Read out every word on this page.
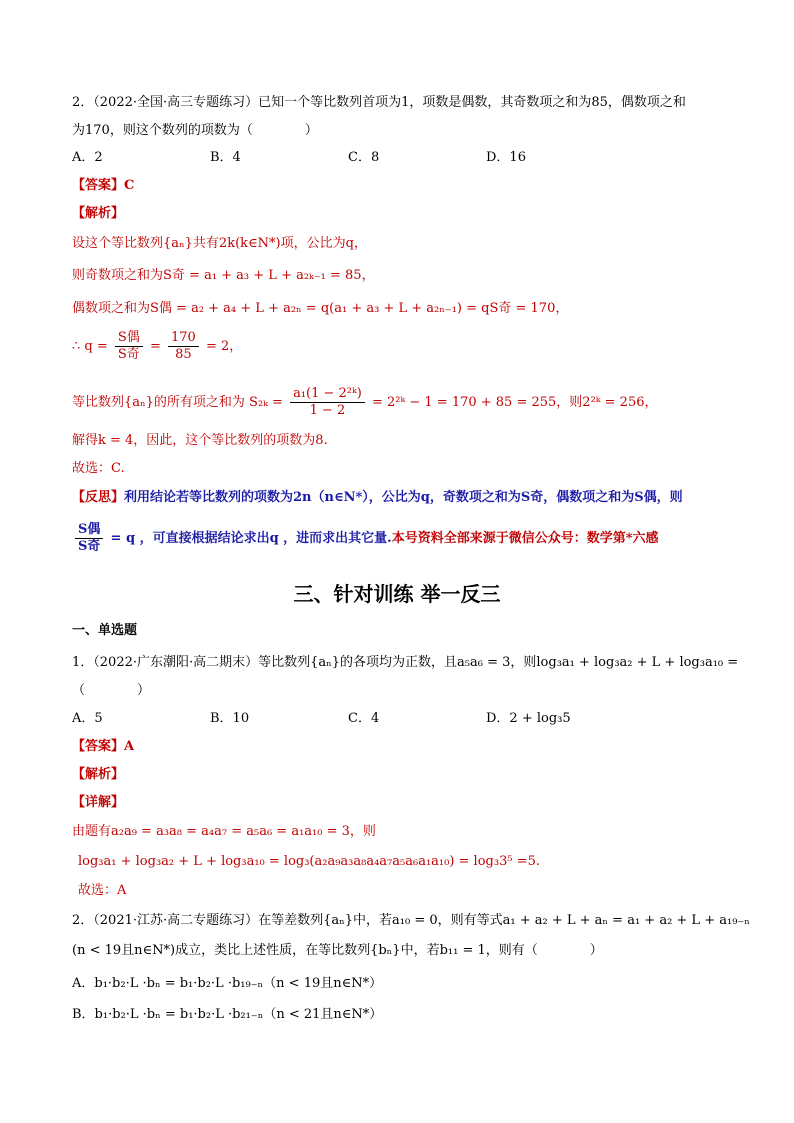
2．（2022·全国·高三专题练习）已知一个等比数列首项为1，项数是偶数，其奇数项之和为85，偶数项之和
为170，则这个数列的项数为（　　　　）
A．2	B．4	C．8	D．16
【答案】C
【解析】
设这个等比数列{aₙ}共有2k(k∈N*)项，公比为q，
则奇数项之和为S奇 = a₁ + a₃ + L + a₂ₖ₋₁ = 85，
偶数项之和为S偶 = a₂ + a₄ + L + a₂ₙ = q(a₁ + a₃ + L + a₂ₙ₋₁) = qS奇 = 170，
∴ $q = \frac{\text{S偶}}{\text{S奇}} = \frac{170}{85} = 2$，
等比数列{aₙ}的所有项之和为 $S_{2k} = \frac{\text{a₁(1 − 2²ᵏ)}}{1 - 2}$ = 2²ᵏ − 1 = 170 + 85 = 255，则2²ᵏ = 256，
解得k = 4，因此，这个等比数列的项数为8.
故选：C.
【反思】利用结论若等比数列的项数为2n（n∈N*），公比为q，奇数项之和为S奇，偶数项之和为S偶，则
$\frac{\text{S偶}}{\text{S奇}} = q$ ，可直接根据结论求出q ，进而求出其它量.本号资料全部来源于微信公众号：数学第*六感
三、针对训练 举一反三
一、单选题
1．（2022·广东潮阳·高二期末）等比数列{aₙ}的各项均为正数，且a₅a₆ = 3，则log₃a₁ + log₃a₂ + L + log₃a₁₀ =
（　　　　）
A．5	B．10	C．4	D．2 + log₃5
【答案】A
【解析】
【详解】
由题有a₂a₉ = a₃a₈ = a₄a₇ = a₅a₆ = a₁a₁₀ = 3，则
log₃a₁ + log₃a₂ + L + log₃a₁₀ = log₃(a₂a₉a₃a₈a₄a₇a₅a₆a₁a₁₀) = log₃3⁵ =5.
故选：A
2．（2021·江苏·高二专题练习）在等差数列{aₙ}中，若a₁₀ = 0，则有等式a₁ + a₂ + L + aₙ = a₁ + a₂ + L + a₁₉₋ₙ
(n < 19且n∈N*)成立，类比上述性质，在等比数列{bₙ}中，若b₁₁ = 1，则有（　　　　）
A．b₁·b₂·L ·bₙ = b₁·b₂·L ·b₁₉₋ₙ（n < 19且n∈N*）
B．b₁·b₂·L ·bₙ = b₁·b₂·L ·b₂₁₋ₙ（n < 21且n∈N*）
